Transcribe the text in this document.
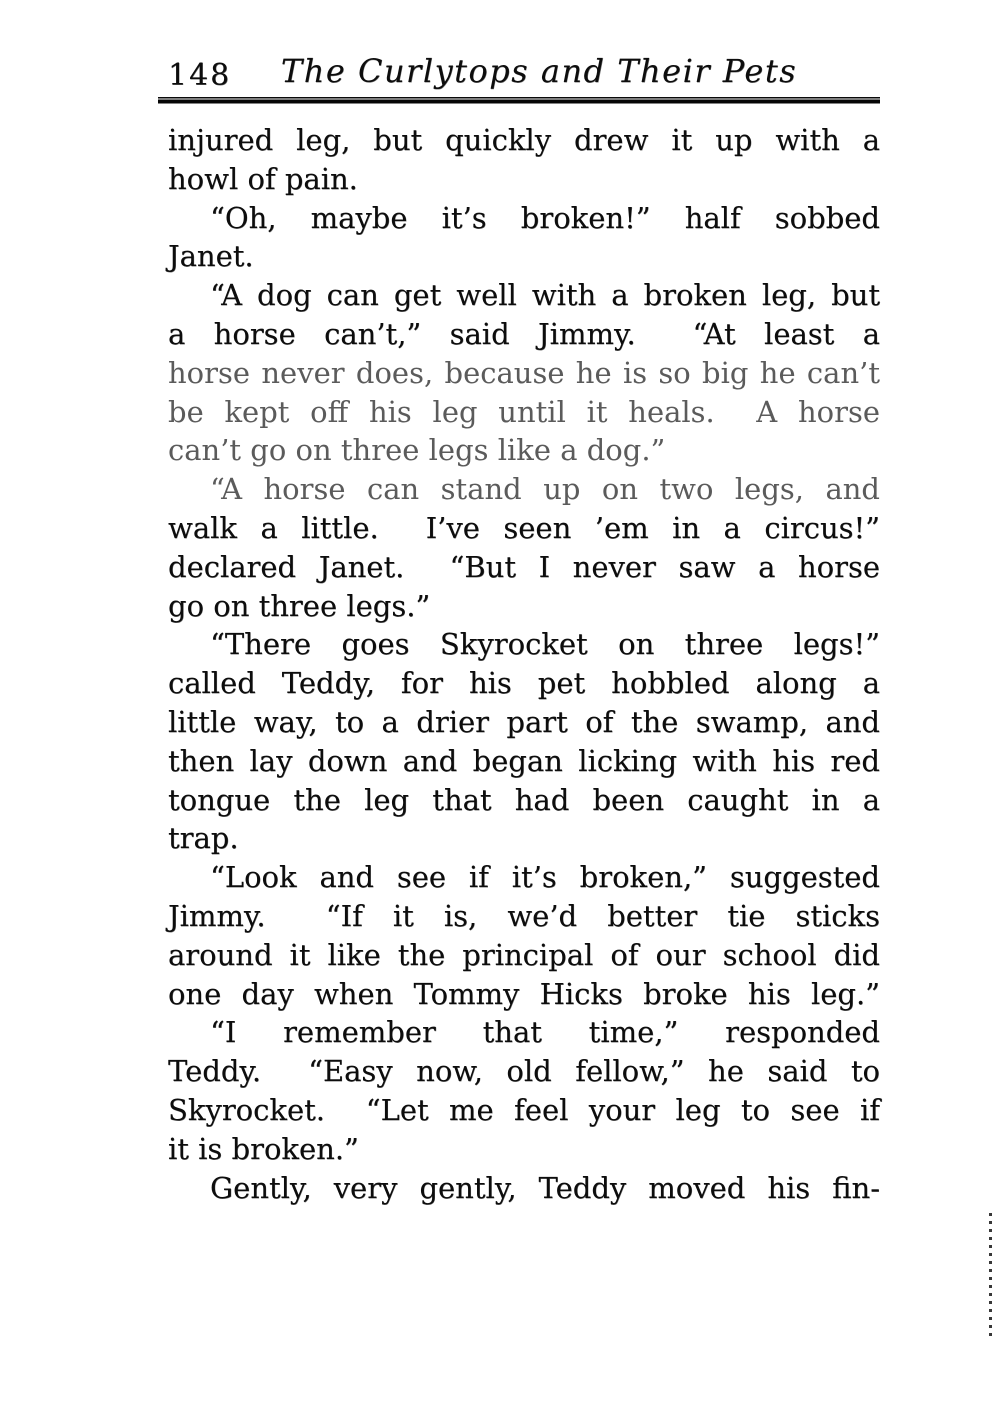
148	The Curlytops and Their Pets
injured leg, but quickly drew it up with a
howl of pain.
“Oh, maybe it’s broken!” half sobbed
Janet.
“A dog can get well with a broken leg, but
a horse can’t,” said Jimmy.  “At least a
horse never does, because he is so big he can’t
be kept off his leg until it heals.  A horse
can’t go on three legs like a dog.”
“A horse can stand up on two legs, and
walk a little.  I’ve seen ’em in a circus!”
declared Janet.  “But I never saw a horse
go on three legs.”
“There goes Skyrocket on three legs!”
called Teddy, for his pet hobbled along a
little way, to a drier part of the swamp, and
then lay down and began licking with his red
tongue the leg that had been caught in a
trap.
“Look and see if it’s broken,” suggested
Jimmy.  “If it is, we’d better tie sticks
around it like the principal of our school did
one day when Tommy Hicks broke his leg.”
“I remember that time,” responded
Teddy.  “Easy now, old fellow,” he said to
Skyrocket.  “Let me feel your leg to see if
it is broken.”
Gently, very gently, Teddy moved his fin-
